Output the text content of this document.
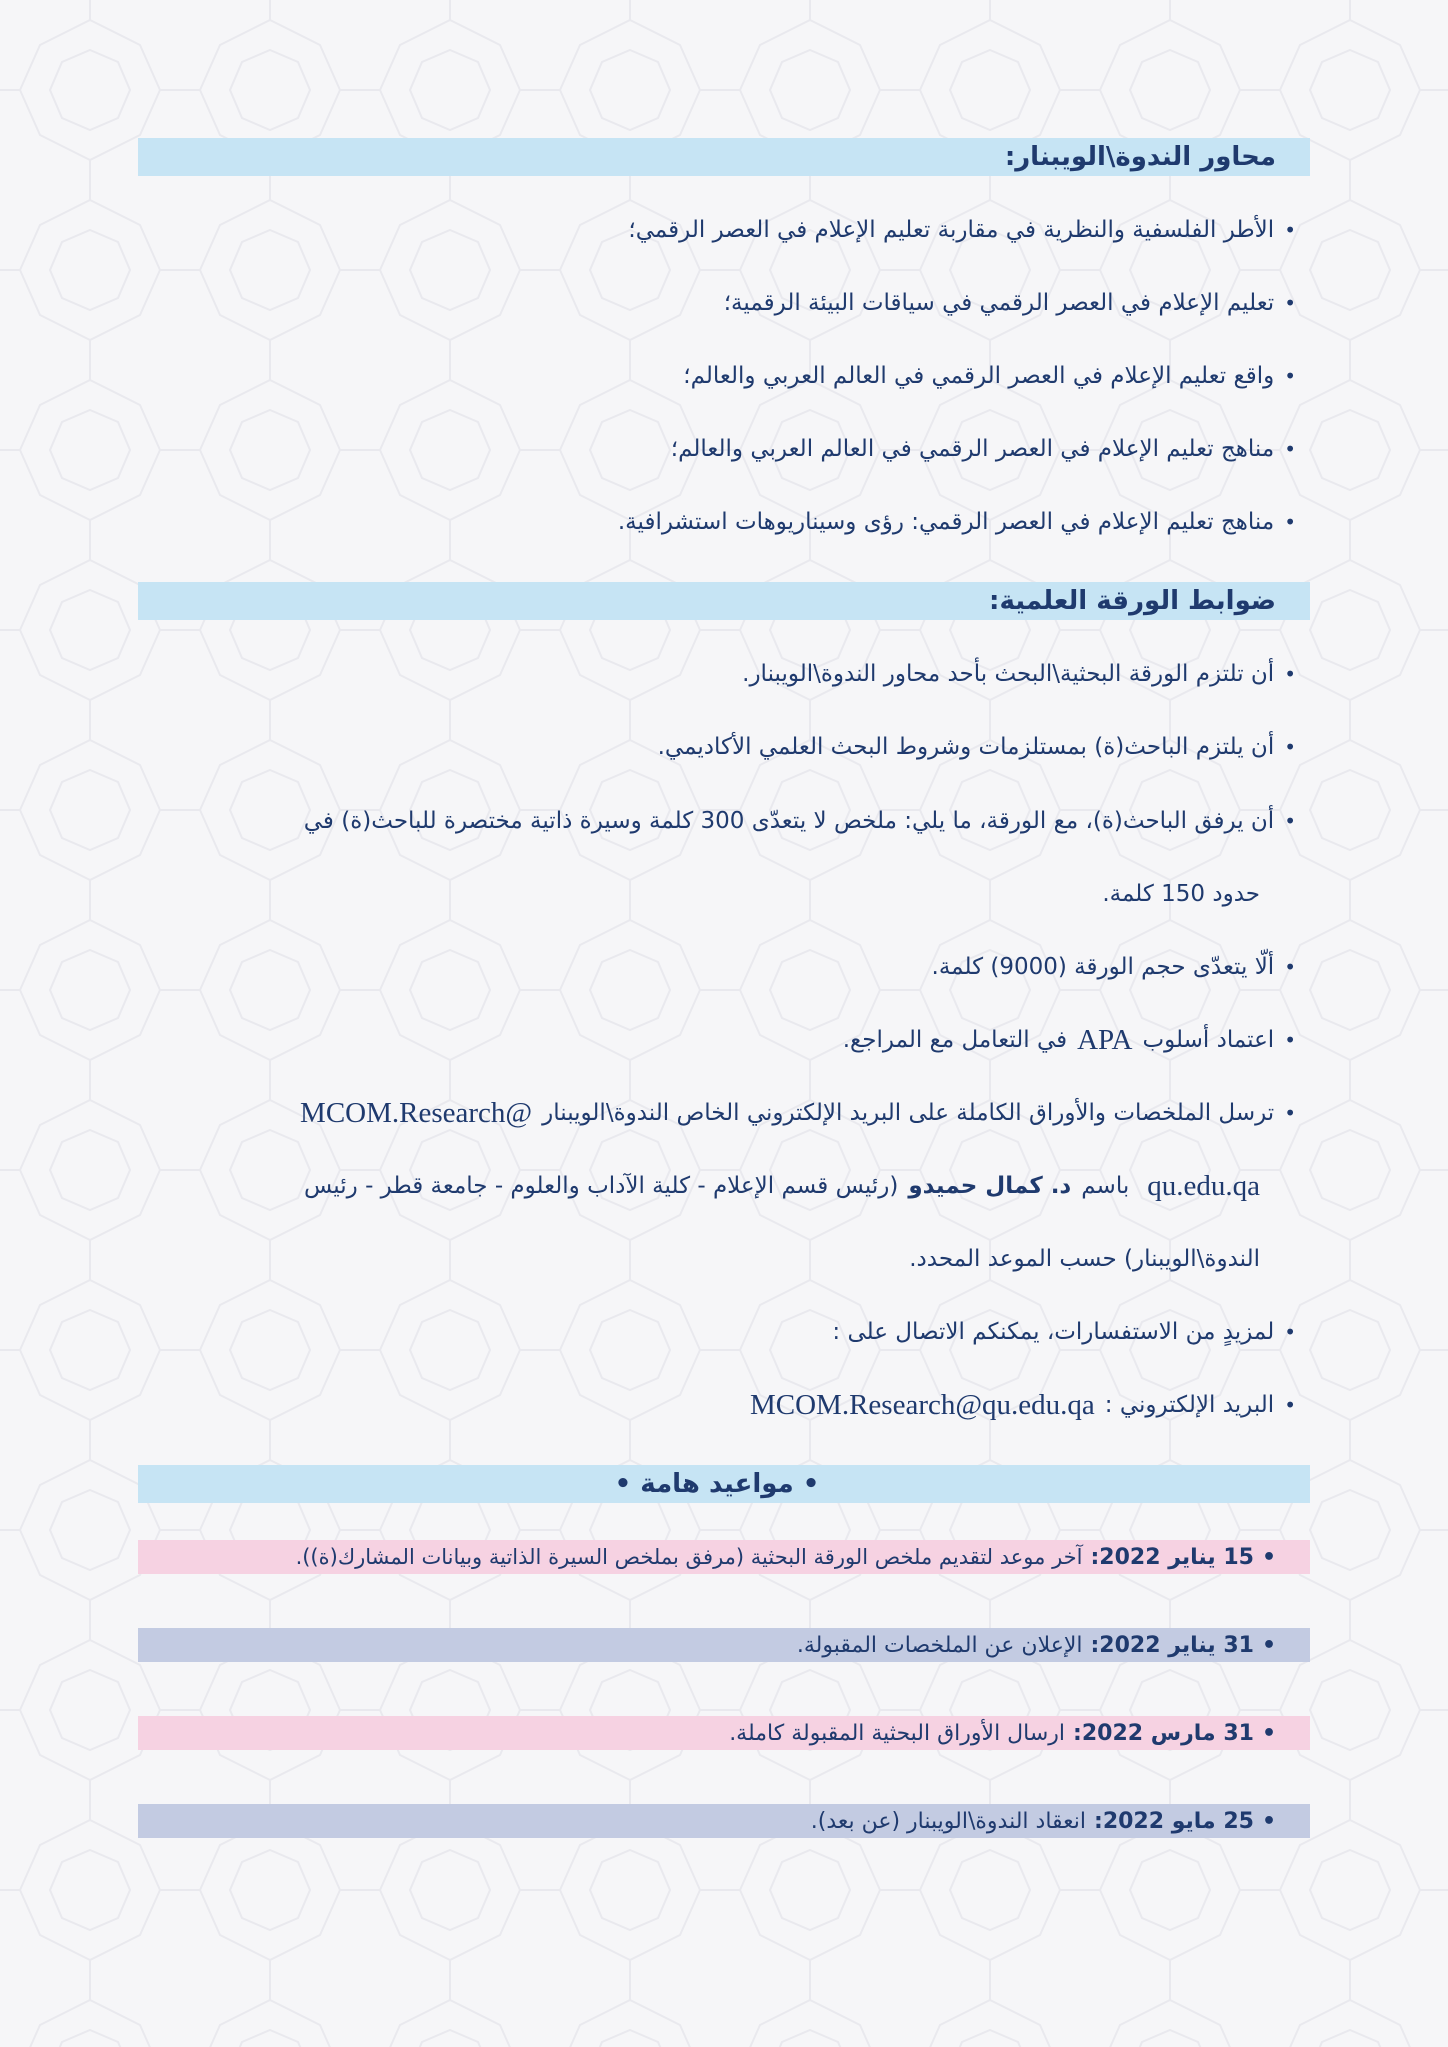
محاور الندوة\الويبنار:
•
الأطر الفلسفية والنظرية في مقاربة تعليم الإعلام في العصر الرقمي؛
•
تعليم الإعلام في العصر الرقمي في سياقات البيئة الرقمية؛
•
واقع تعليم الإعلام في العصر الرقمي في العالم العربي والعالم؛
•
مناهج تعليم الإعلام في العصر الرقمي في العالم العربي والعالم؛
•
مناهج تعليم الإعلام في العصر الرقمي: رؤى وسيناريوهات استشرافية.
ضوابط الورقة العلمية:
•
أن تلتزم الورقة البحثية\البحث بأحد محاور الندوة\الويبنار.
•
أن يلتزم الباحث(ة) بمستلزمات وشروط البحث العلمي الأكاديمي.
•
أن يرفق الباحث(ة)، مع الورقة، ما يلي: ملخص لا يتعدّى 300 كلمة وسيرة ذاتية مختصرة للباحث(ة) في
حدود 150 كلمة.
•
ألّا يتعدّى حجم الورقة (9000) كلمة.
•
اعتماد أسلوب
APA
في التعامل مع المراجع.
•
ترسل الملخصات والأوراق الكاملة على البريد الإلكتروني الخاص الندوة\الويبنار
MCOM.Research@
qu.edu.qa
باسم
د. كمال حميدو
(رئيس قسم الإعلام - كلية الآداب والعلوم - جامعة قطر - رئيس
الندوة\الويبنار) حسب الموعد المحدد.
•
لمزيدٍ من الاستفسارات، يمكنكم الاتصال على :
•
البريد الإلكتروني :
MCOM.Research@qu.edu.qa
• مواعيد هامة •
•
15 يناير 2022:
آخر موعد لتقديم ملخص الورقة البحثية (مرفق بملخص السيرة الذاتية وبيانات المشارك(ة)).
•
31 يناير 2022:
الإعلان عن الملخصات المقبولة.
•
31 مارس 2022:
ارسال الأوراق البحثية المقبولة كاملة.
•
25 مايو 2022:
انعقاد الندوة\الويبنار (عن بعد).
